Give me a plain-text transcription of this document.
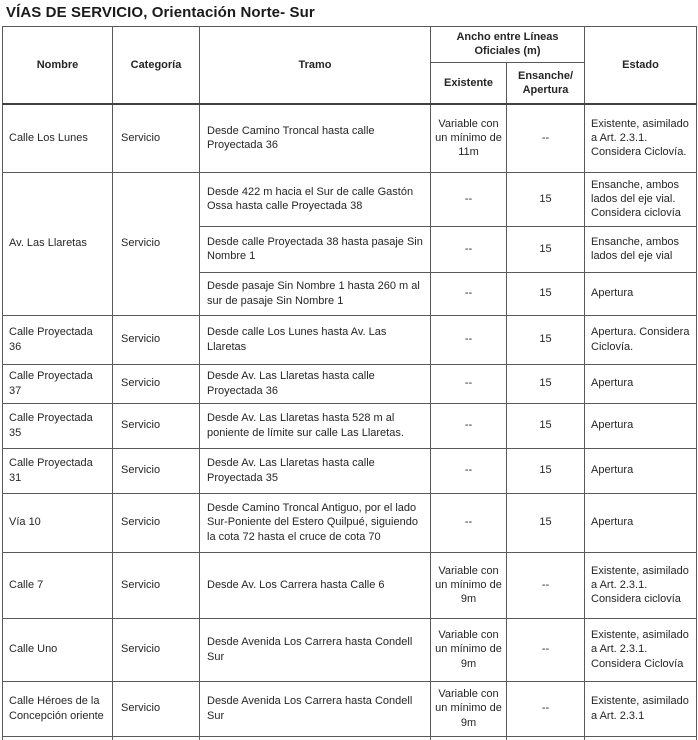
VÍAS DE SERVICIO, Orientación Norte- Sur
Nombre	Categoría	Tramo	Ancho entre Líneas Oficiales (m)		Estado
			Existente	Ensanche/ Apertura	
Calle Los Lunes	Servicio	Desde Camino Troncal hasta calle Proyectada 36	Variable con un mínimo de 11m	--	Existente, asimilado a Art. 2.3.1. Considera Ciclovía.
Av. Las Llaretas	Servicio	Desde 422 m hacia el Sur de calle Gastón Ossa hasta calle Proyectada 38	--	15	Ensanche, ambos lados del eje vial. Considera ciclovía
		Desde calle Proyectada 38 hasta pasaje Sin Nombre 1	--	15	Ensanche, ambos lados del eje vial
		Desde pasaje Sin Nombre 1 hasta 260 m al sur de pasaje Sin Nombre 1	--	15	Apertura
Calle Proyectada 36	Servicio	Desde calle Los Lunes hasta Av. Las Llaretas	--	15	Apertura. Considera Ciclovía.
Calle Proyectada 37	Servicio	Desde Av. Las Llaretas hasta calle Proyectada 36	--	15	Apertura
Calle Proyectada 35	Servicio	Desde Av. Las Llaretas hasta 528 m al poniente de límite sur calle Las Llaretas.	--	15	Apertura
Calle Proyectada 31	Servicio	Desde Av. Las Llaretas hasta calle Proyectada 35	--	15	Apertura
Vía 10	Servicio	Desde Camino Troncal Antiguo, por el lado Sur-Poniente del Estero Quilpué, siguiendo la cota 72 hasta el cruce de cota 70	--	15	Apertura
Calle 7	Servicio	Desde Av. Los Carrera hasta Calle 6	Variable con un mínimo de 9m	--	Existente, asimilado a Art. 2.3.1. Considera ciclovía
Calle Uno	Servicio	Desde Avenida Los Carrera hasta Condell Sur	Variable con un mínimo de 9m	--	Existente, asimilado a Art. 2.3.1. Considera Ciclovía
Calle Héroes de la Concepción oriente	Servicio	Desde Avenida Los Carrera hasta Condell Sur	Variable con un mínimo de 9m	--	Existente, asimilado a Art. 2.3.1
